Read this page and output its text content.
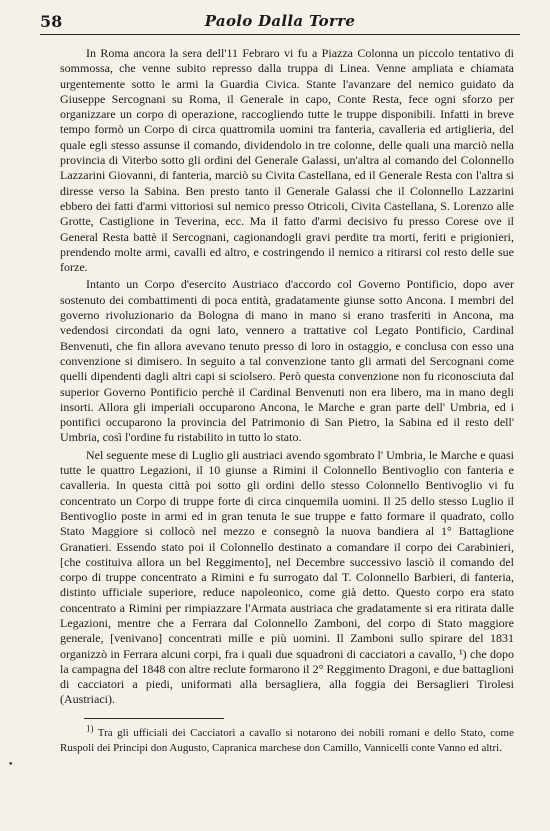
58	Paolo Dalla Torre

In Roma ancora la sera dell'11 Febraro vi fu a Piazza Colonna un piccolo tentativo di sommossa, che venne subito represso dalla truppa di Linea. Venne ampliata e chiamata urgentemente sotto le armi la Guardia Civica. Stante l'avanzare del nemico guidato da Giuseppe Sercognani su Roma, il Generale in capo, Conte Resta, fece ogni sforzo per organizzare un corpo di operazione, raccogliendo tutte le truppe disponibili. Infatti in breve tempo formò un Corpo di circa quattromila uomini tra fanteria, cavalleria ed artiglieria, del quale egli stesso assunse il comando, dividendolo in tre colonne, delle quali una marciò nella provincia di Viterbo sotto gli ordini del Generale Galassi, un'altra al comando del Colonnello Lazzarini Giovanni, di fanteria, marciò su Civita Castellana, ed il Generale Resta con l'altra si diresse verso la Sabina. Ben presto tanto il Generale Galassi che il Colonnello Lazzarini ebbero dei fatti d'armi vittoriosi sul nemico presso Otricoli, Civita Castellana, S. Lorenzo alle Grotte, Castiglione in Teverina, ecc. Ma il fatto d'armi decisivo fu presso Corese ove il General Resta battè il Sercognani, cagionandogli gravi perdite tra morti, feriti e prigionieri, prendendo molte armi, cavalli ed altro, e costringendo il nemico a ritirarsi col resto delle sue forze.

Intanto un Corpo d'esercito Austriaco d'accordo col Governo Pontificio, dopo aver sostenuto dei combattimenti di poca entità, gradatamente giunse sotto Ancona. I membri del governo rivoluzionario da Bologna di mano in mano si erano trasferiti in Ancona, ma vedendosi circondati da ogni lato, vennero a trattative col Legato Pontificio, Cardinal Benvenuti, che fin allora avevano tenuto presso di loro in ostaggio, e conclusa con esso una convenzione si dimisero. In seguito a tal convenzione tanto gli armati del Sercognani come quelli dipendenti dagli altri capi si sciolsero. Però questa convenzione non fu riconosciuta dal superior Governo Pontificio perchè il Cardinal Benvenuti non era libero, ma in mano degli insorti. Allora gli imperiali occuparono Ancona, le Marche e gran parte dell' Umbria, ed i pontifici occuparono la provincia del Patrimonio di San Pietro, la Sabina ed il resto dell' Umbria, così l'ordine fu ristabilito in tutto lo stato.

Nel seguente mese di Luglio gli austriaci avendo sgombrato l' Umbria, le Marche e quasi tutte le quattro Legazioni, il 10 giunse a Rimini il Colonnello Bentivoglio con fanteria e cavalleria. In questa città poi sotto gli ordini dello stesso Colonnello Bentivoglio vi fu concentrato un Corpo di truppe forte di circa cinquemila uomini. Il 25 dello stesso Luglio il Bentivoglio poste in armi ed in gran tenuta le sue truppe e fatto formare il quadrato, collo Stato Maggiore si collocò nel mezzo e consegnò la nuova bandiera al 1° Battaglione Granatieri. Essendo stato poi il Colonnello destinato a comandare il corpo dei Carabinieri, [che costituiva allora un bel Reggimento], nel Decembre successivo lasciò il comando del corpo di truppe concentrato a Rimini e fu surrogato dal T. Colonnello Barbieri, di fanteria, distinto ufficiale superiore, reduce napoleonico, come già detto. Questo corpo era stato concentrato a Rimini per rimpiazzare l'Armata austriaca che gradatamente si era ritirata dalle Legazioni, mentre che a Ferrara dal Colonnello Zamboni, del corpo di Stato maggiore generale, [venivano] concentrati mille e più uomini. Il Zamboni sullo spirare del 1831 organizzò in Ferrara alcuni corpi, fra i quali due squadroni di cacciatori a cavallo, ¹) che dopo la campagna del 1848 con altre reclute formarono il 2° Reggimento Dragoni, e due battaglioni di cacciatori a piedi, uniformati alla bersagliera, alla foggia dei Bersaglieri Tirolesi (Austriaci).

$^{1)}$ Tra gli ufficiali dei Cacciatori a cavallo si notarono dei nobili romani e dello Stato, come Ruspoli dei Principi don Augusto, Capranica marchese don Camillo, Vannicelli conte Vanno ed altri.
•
